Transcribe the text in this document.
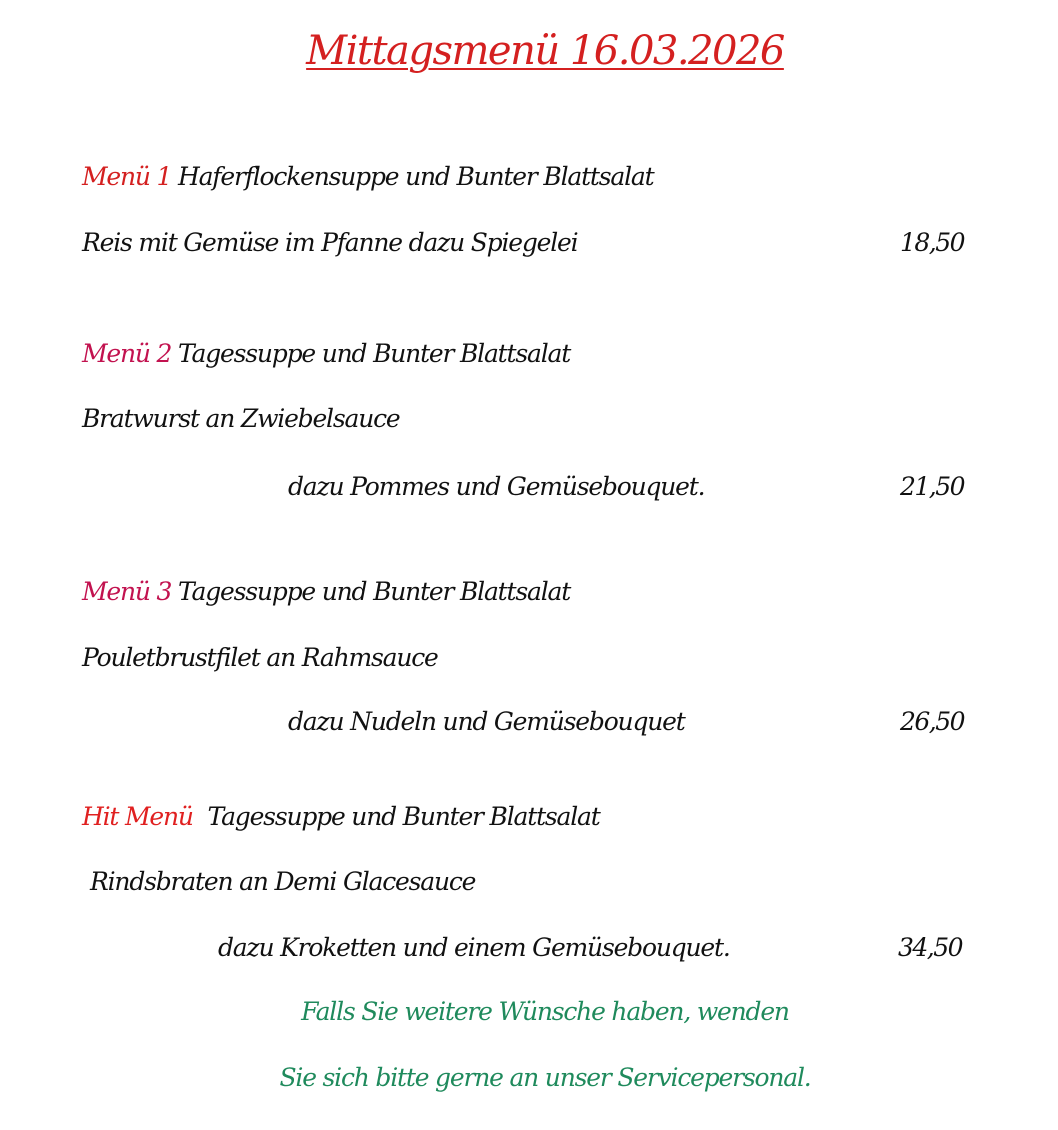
Mittagsmenü 16.03.2026
Menü 1 Haferflockensuppe und Bunter Blattsalat
Reis mit Gemüse im Pfanne dazu Spiegelei	18,50
Menü 2 Tagessuppe und Bunter Blattsalat
Bratwurst an Zwiebelsauce
dazu Pommes und Gemüsebouquet.	21,50
Menü 3 Tagessuppe und Bunter Blattsalat
Pouletbrustfilet an Rahmsauce
dazu Nudeln und Gemüsebouquet	26,50
Hit Menü Tagessuppe und Bunter Blattsalat
Rindsbraten an Demi Glacesauce
dazu Kroketten und einem Gemüsebouquet.	34,50
Falls Sie weitere Wünsche haben, wenden
Sie sich bitte gerne an unser Servicepersonal.
